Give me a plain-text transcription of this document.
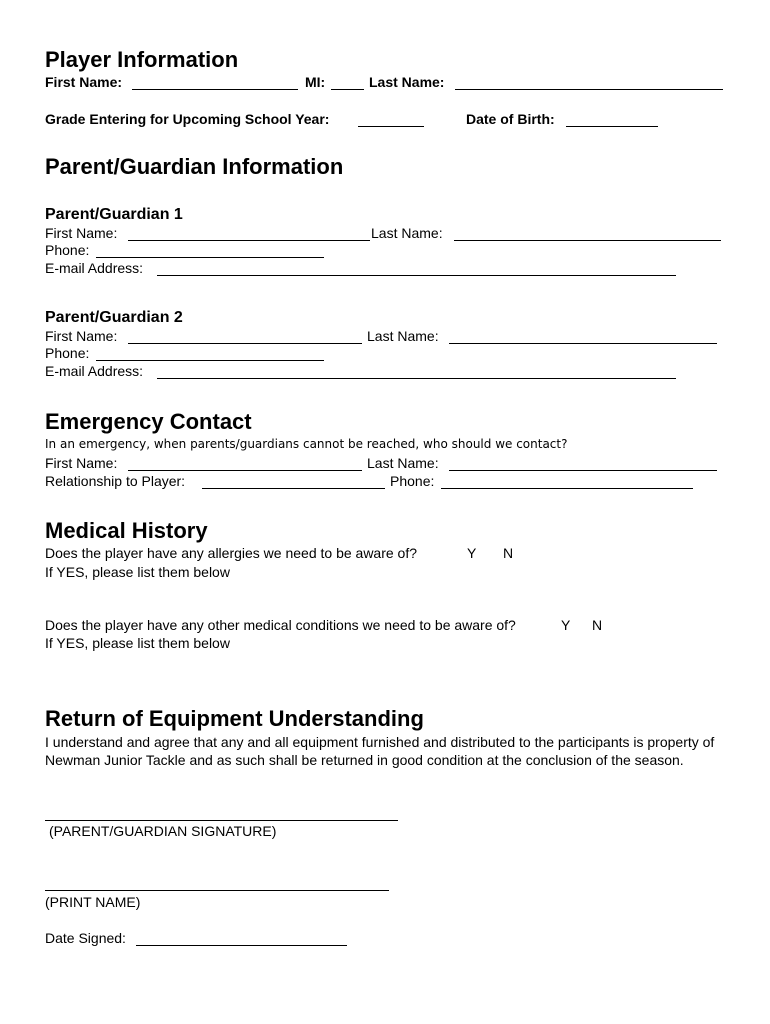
Player Information
First Name:	MI:	Last Name:
Grade Entering for Upcoming School Year:	Date of Birth:
Parent/Guardian Information
Parent/Guardian 1
First Name:	Last Name:
Phone:
E-mail Address:
Parent/Guardian 2
First Name:	Last Name:
Phone:
E-mail Address:
Emergency Contact
In an emergency, when parents/guardians cannot be reached, who should we contact?
First Name:	Last Name:
Relationship to Player:	Phone:
Medical History
Does the player have any allergies we need to be aware of?	Y N
If YES, please list them below
Does the player have any other medical conditions we need to be aware of?	Y N
If YES, please list them below
Return of Equipment Understanding
I understand and agree that any and all equipment furnished and distributed to the participants is property of Newman Junior Tackle and as such shall be returned in good condition at the conclusion of the season.
(PARENT/GUARDIAN SIGNATURE)
(PRINT NAME)
Date Signed:
